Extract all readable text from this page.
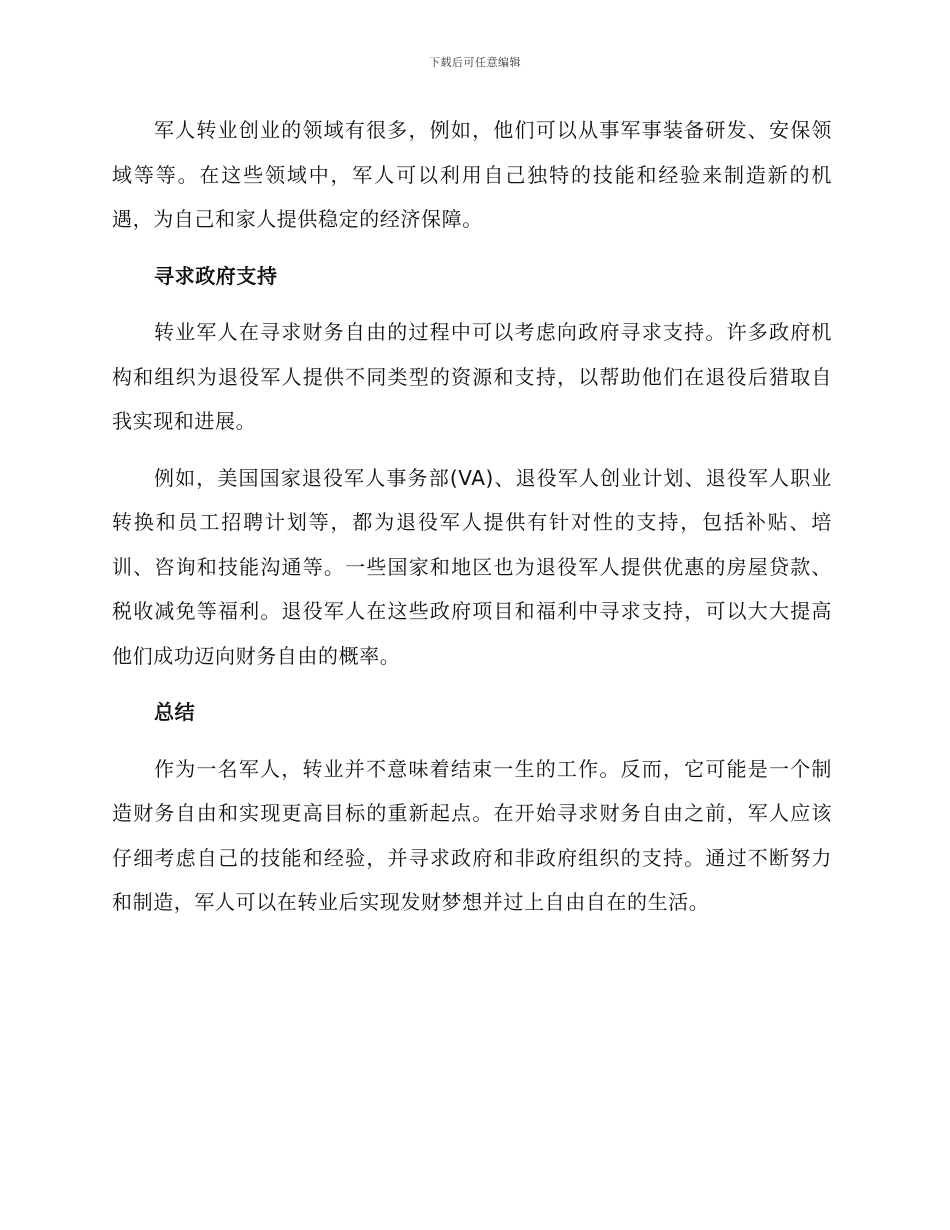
下载后可任意编辑

军人转业创业的领域有很多，例如，他们可以从事军事装备研发、安保领域等等。在这些领域中，军人可以利用自己独特的技能和经验来制造新的机遇，为自己和家人提供稳定的经济保障。

寻求政府支持

转业军人在寻求财务自由的过程中可以考虑向政府寻求支持。许多政府机构和组织为退役军人提供不同类型的资源和支持，以帮助他们在退役后猎取自我实现和进展。

例如，美国国家退役军人事务部(VA)、退役军人创业计划、退役军人职业转换和员工招聘计划等，都为退役军人提供有针对性的支持，包括补贴、培训、咨询和技能沟通等。一些国家和地区也为退役军人提供优惠的房屋贷款、税收减免等福利。退役军人在这些政府项目和福利中寻求支持，可以大大提高他们成功迈向财务自由的概率。

总结

作为一名军人，转业并不意味着结束一生的工作。反而，它可能是一个制造财务自由和实现更高目标的重新起点。在开始寻求财务自由之前，军人应该仔细考虑自己的技能和经验，并寻求政府和非政府组织的支持。通过不断努力和制造，军人可以在转业后实现发财梦想并过上自由自在的生活。
